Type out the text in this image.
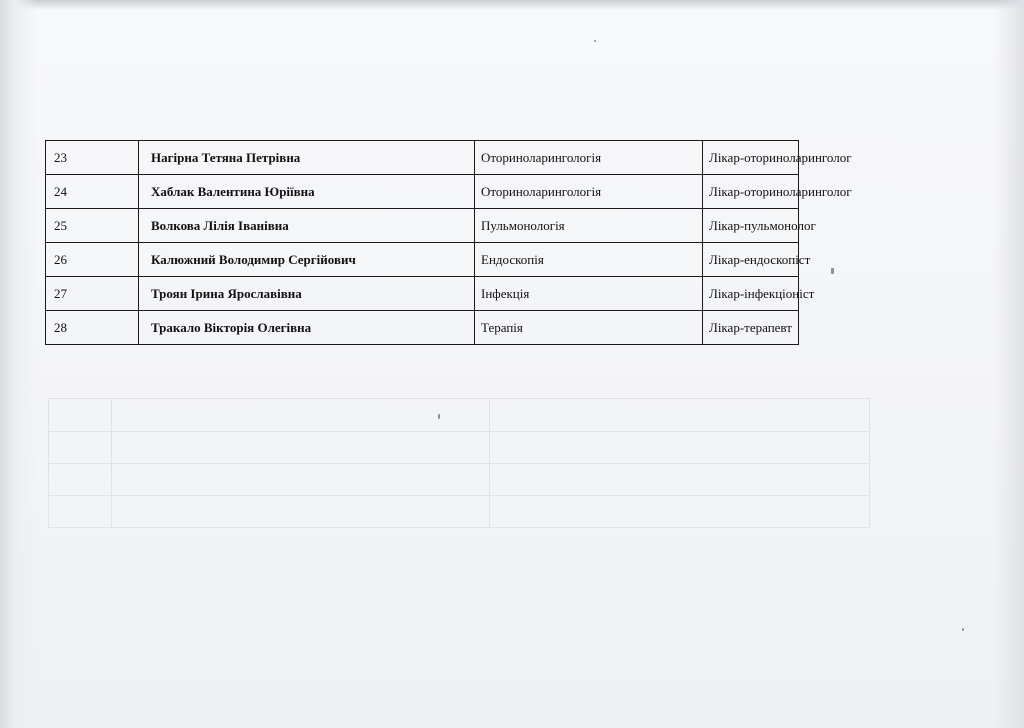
23	Нагірна Тетяна Петрівна	Оториноларингологія	Лікар-оториноларинголог
24	Хаблак Валентина Юріївна	Оториноларингологія	Лікар-оториноларинголог
25	Волкова Лілія Іванівна	Пульмонологія	Лікар-пульмонолог
26	Калюжний Володимир Сергійович	Ендоскопія	Лікар-ендоскопіст
27	Троян Ірина Ярославівна	Інфекція	Лікар-інфекціоніст
28	Тракало Вікторія Олегівна	Терапія	Лікар-терапевт
